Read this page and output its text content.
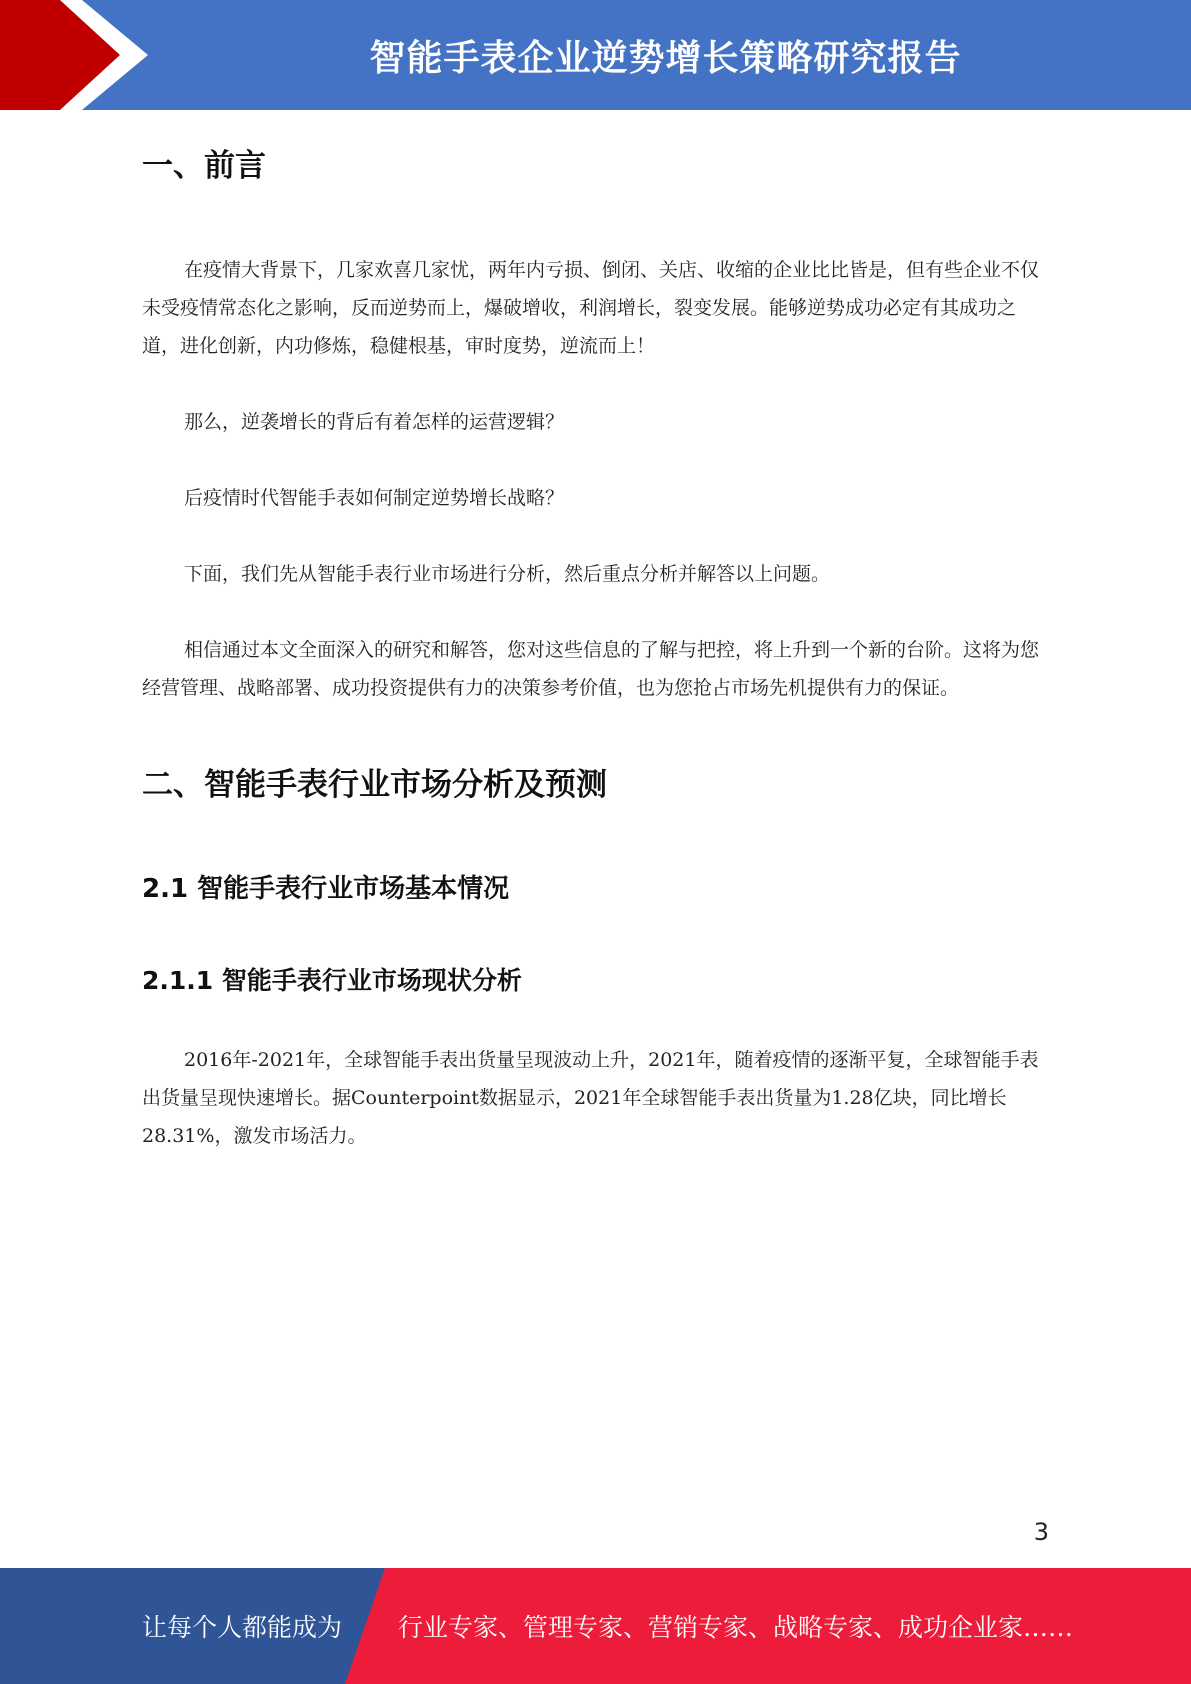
智能手表企业逆势增长策略研究报告
一、前言

在疫情大背景下，几家欢喜几家忧，两年内亏损、倒闭、关店、收缩的企业比比皆是，但有些企业不仅未受疫情常态化之影响，反而逆势而上，爆破增收，利润增长，裂变发展。能够逆势成功必定有其成功之道，进化创新，内功修炼，稳健根基，审时度势，逆流而上！

那么，逆袭增长的背后有着怎样的运营逻辑？

后疫情时代智能手表如何制定逆势增长战略？

下面，我们先从智能手表行业市场进行分析，然后重点分析并解答以上问题。

相信通过本文全面深入的研究和解答，您对这些信息的了解与把控，将上升到一个新的台阶。这将为您经营管理、战略部署、成功投资提供有力的决策参考价值，也为您抢占市场先机提供有力的保证。

二、智能手表行业市场分析及预测
2.1 智能手表行业市场基本情况
2.1.1 智能手表行业市场现状分析

2016年-2021年，全球智能手表出货量呈现波动上升，2021年，随着疫情的逐渐平复，全球智能手表出货量呈现快速增长。据Counterpoint数据显示，2021年全球智能手表出货量为1.28亿块，同比增长28.31%，激发市场活力。

3
让每个人都能成为 行业专家、管理专家、营销专家、战略专家、成功企业家……
